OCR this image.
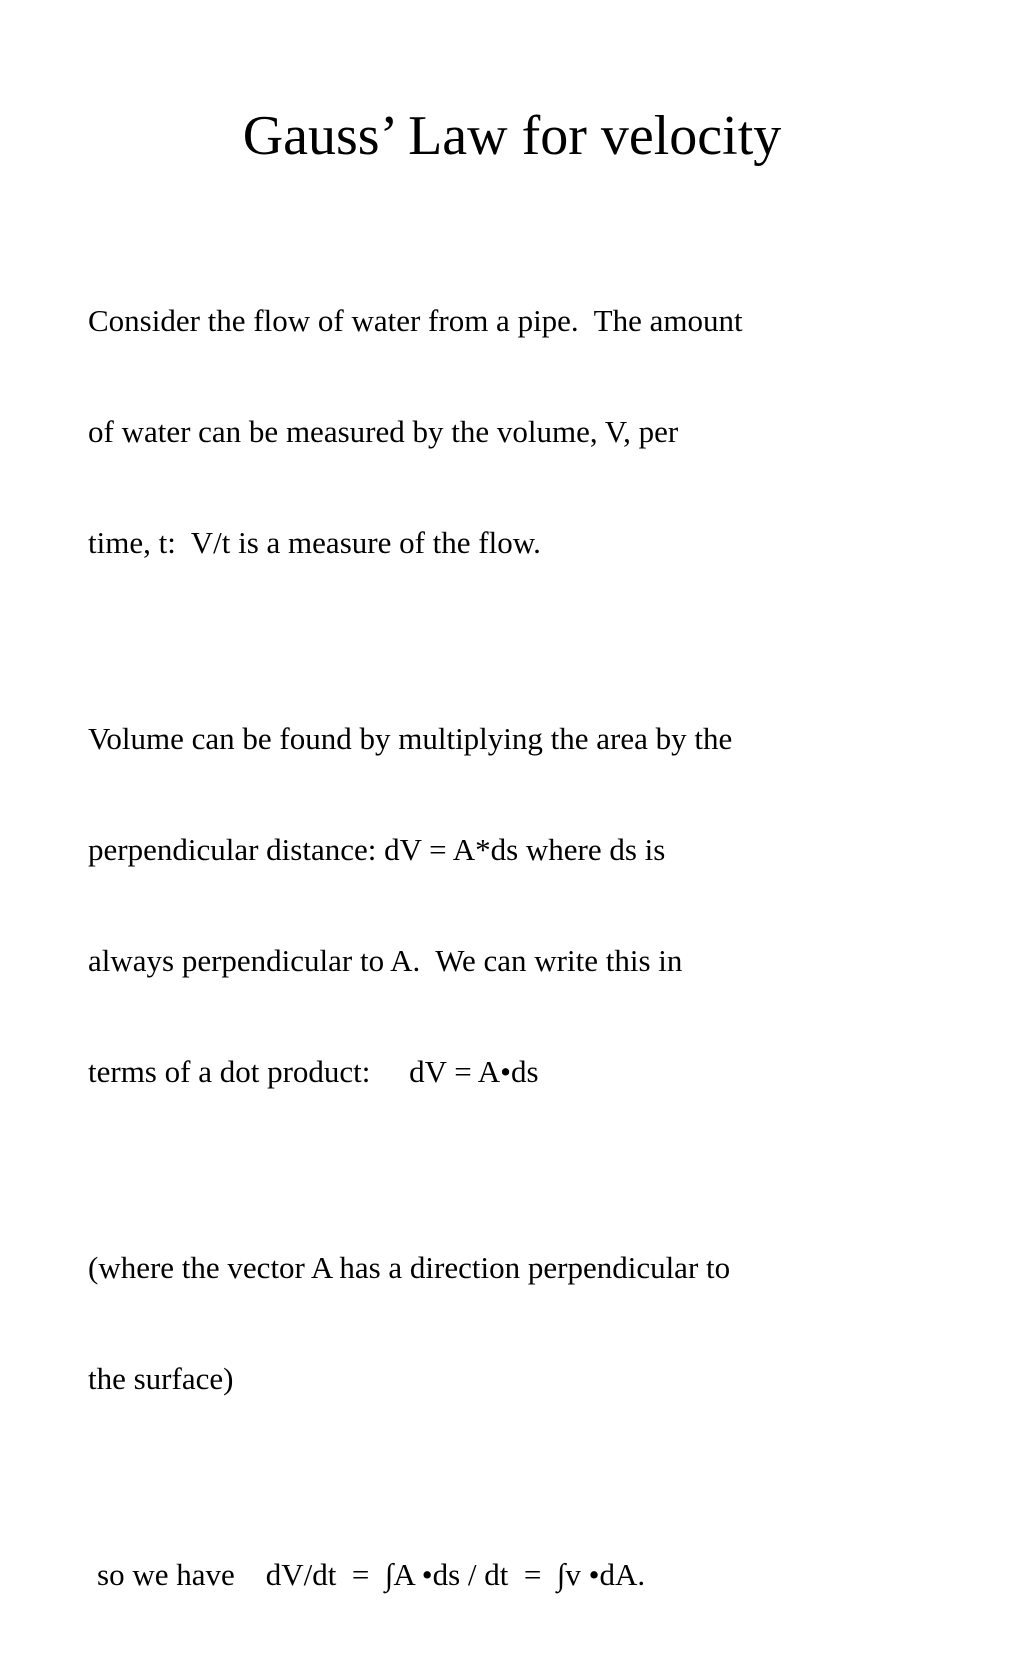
Gauss’ Law for velocity

Consider the flow of water from a pipe.  The amount

of water can be measured by the volume, V, per

time, t:  V/t is a measure of the flow.

Volume can be found by multiplying the area by the

perpendicular distance: dV = A*ds where ds is

always perpendicular to A.  We can write this in

terms of a dot product:     dV = A•ds

(where the vector A has a direction perpendicular to

the surface)

so we have    dV/dt  =  ∫A •ds / dt  =  ∫v •dA.
